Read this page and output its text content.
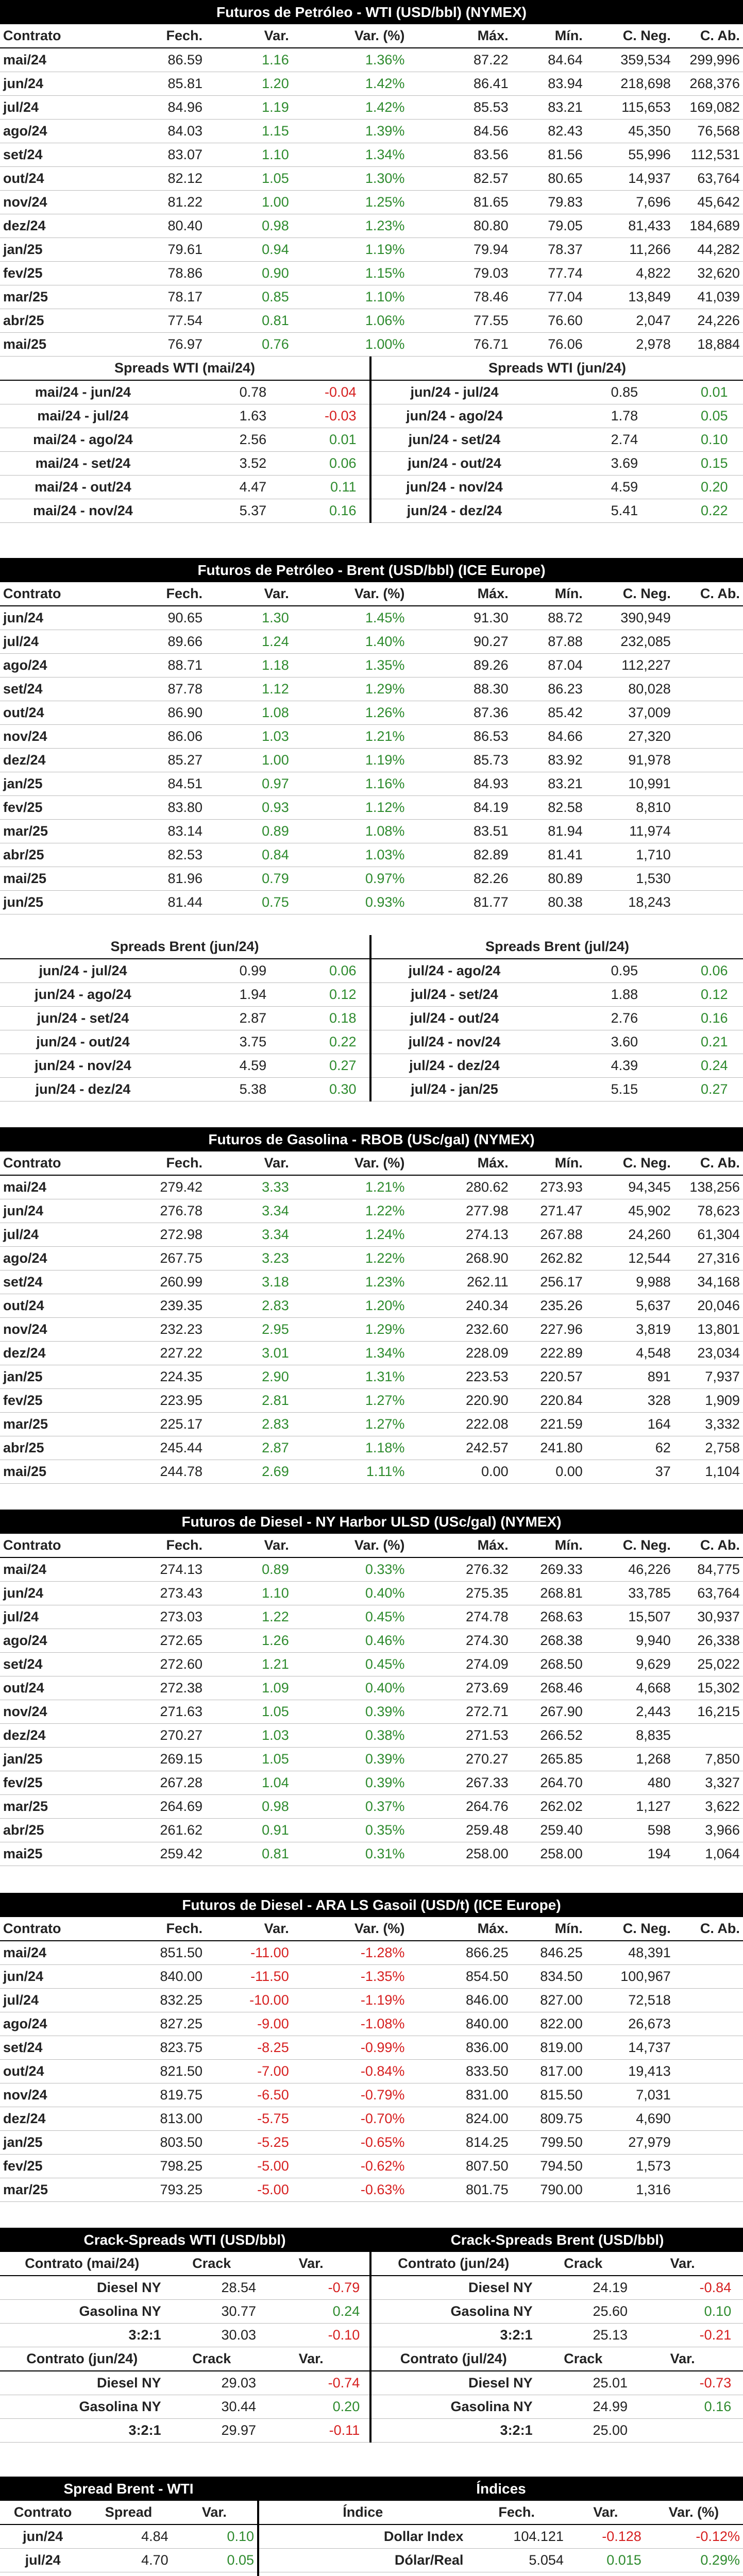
Futuros de Petróleo - WTI (USD/bbl) (NYMEX)
Contrato	Fech.	Var.	Var. (%)	Máx.	Mín.	C. Neg.	C. Ab.
mai/24	86.59	1.16	1.36%	87.22	84.64	359,534	299,996
jun/24	85.81	1.20	1.42%	86.41	83.94	218,698	268,376
jul/24	84.96	1.19	1.42%	85.53	83.21	115,653	169,082
ago/24	84.03	1.15	1.39%	84.56	82.43	45,350	76,568
set/24	83.07	1.10	1.34%	83.56	81.56	55,996	112,531
out/24	82.12	1.05	1.30%	82.57	80.65	14,937	63,764
nov/24	81.22	1.00	1.25%	81.65	79.83	7,696	45,642
dez/24	80.40	0.98	1.23%	80.80	79.05	81,433	184,689
jan/25	79.61	0.94	1.19%	79.94	78.37	11,266	44,282
fev/25	78.86	0.90	1.15%	79.03	77.74	4,822	32,620
mar/25	78.17	0.85	1.10%	78.46	77.04	13,849	41,039
abr/25	77.54	0.81	1.06%	77.55	76.60	2,047	24,226
mai/25	76.97	0.76	1.00%	76.71	76.06	2,978	18,884
Spreads WTI (mai/24)
mai/24 - jun/24	0.78	-0.04
mai/24 - jul/24	1.63	-0.03
mai/24 - ago/24	2.56	0.01
mai/24 - set/24	3.52	0.06
mai/24 - out/24	4.47	0.11
mai/24 - nov/24	5.37	0.16
Spreads WTI (jun/24)
jun/24 - jul/24	0.85	0.01
jun/24 - ago/24	1.78	0.05
jun/24 - set/24	2.74	0.10
jun/24 - out/24	3.69	0.15
jun/24 - nov/24	4.59	0.20
jun/24 - dez/24	5.41	0.22
Futuros de Petróleo - Brent (USD/bbl) (ICE Europe)
Contrato	Fech.	Var.	Var. (%)	Máx.	Mín.	C. Neg.	C. Ab.
jun/24	90.65	1.30	1.45%	91.30	88.72	390,949
jul/24	89.66	1.24	1.40%	90.27	87.88	232,085
ago/24	88.71	1.18	1.35%	89.26	87.04	112,227
set/24	87.78	1.12	1.29%	88.30	86.23	80,028
out/24	86.90	1.08	1.26%	87.36	85.42	37,009
nov/24	86.06	1.03	1.21%	86.53	84.66	27,320
dez/24	85.27	1.00	1.19%	85.73	83.92	91,978
jan/25	84.51	0.97	1.16%	84.93	83.21	10,991
fev/25	83.80	0.93	1.12%	84.19	82.58	8,810
mar/25	83.14	0.89	1.08%	83.51	81.94	11,974
abr/25	82.53	0.84	1.03%	82.89	81.41	1,710
mai/25	81.96	0.79	0.97%	82.26	80.89	1,530
jun/25	81.44	0.75	0.93%	81.77	80.38	18,243
Spreads Brent (jun/24)
jun/24 - jul/24	0.99	0.06
jun/24 - ago/24	1.94	0.12
jun/24 - set/24	2.87	0.18
jun/24 - out/24	3.75	0.22
jun/24 - nov/24	4.59	0.27
jun/24 - dez/24	5.38	0.30
Spreads Brent (jul/24)
jul/24 - ago/24	0.95	0.06
jul/24 - set/24	1.88	0.12
jul/24 - out/24	2.76	0.16
jul/24 - nov/24	3.60	0.21
jul/24 - dez/24	4.39	0.24
jul/24 - jan/25	5.15	0.27
Futuros de Gasolina - RBOB (USc/gal) (NYMEX)
Contrato	Fech.	Var.	Var. (%)	Máx.	Mín.	C. Neg.	C. Ab.
mai/24	279.42	3.33	1.21%	280.62	273.93	94,345	138,256
jun/24	276.78	3.34	1.22%	277.98	271.47	45,902	78,623
jul/24	272.98	3.34	1.24%	274.13	267.88	24,260	61,304
ago/24	267.75	3.23	1.22%	268.90	262.82	12,544	27,316
set/24	260.99	3.18	1.23%	262.11	256.17	9,988	34,168
out/24	239.35	2.83	1.20%	240.34	235.26	5,637	20,046
nov/24	232.23	2.95	1.29%	232.60	227.96	3,819	13,801
dez/24	227.22	3.01	1.34%	228.09	222.89	4,548	23,034
jan/25	224.35	2.90	1.31%	223.53	220.57	891	7,937
fev/25	223.95	2.81	1.27%	220.90	220.84	328	1,909
mar/25	225.17	2.83	1.27%	222.08	221.59	164	3,332
abr/25	245.44	2.87	1.18%	242.57	241.80	62	2,758
mai/25	244.78	2.69	1.11%	0.00	0.00	37	1,104
Futuros de Diesel - NY Harbor ULSD (USc/gal) (NYMEX)
Contrato	Fech.	Var.	Var. (%)	Máx.	Mín.	C. Neg.	C. Ab.
mai/24	274.13	0.89	0.33%	276.32	269.33	46,226	84,775
jun/24	273.43	1.10	0.40%	275.35	268.81	33,785	63,764
jul/24	273.03	1.22	0.45%	274.78	268.63	15,507	30,937
ago/24	272.65	1.26	0.46%	274.30	268.38	9,940	26,338
set/24	272.60	1.21	0.45%	274.09	268.50	9,629	25,022
out/24	272.38	1.09	0.40%	273.69	268.46	4,668	15,302
nov/24	271.63	1.05	0.39%	272.71	267.90	2,443	16,215
dez/24	270.27	1.03	0.38%	271.53	266.52	8,835
jan/25	269.15	1.05	0.39%	270.27	265.85	1,268	7,850
fev/25	267.28	1.04	0.39%	267.33	264.70	480	3,327
mar/25	264.69	0.98	0.37%	264.76	262.02	1,127	3,622
abr/25	261.62	0.91	0.35%	259.48	259.40	598	3,966
mai25	259.42	0.81	0.31%	258.00	258.00	194	1,064
Futuros de Diesel - ARA LS Gasoil (USD/t) (ICE Europe)
Contrato	Fech.	Var.	Var. (%)	Máx.	Mín.	C. Neg.	C. Ab.
mai/24	851.50	-11.00	-1.28%	866.25	846.25	48,391
jun/24	840.00	-11.50	-1.35%	854.50	834.50	100,967
jul/24	832.25	-10.00	-1.19%	846.00	827.00	72,518
ago/24	827.25	-9.00	-1.08%	840.00	822.00	26,673
set/24	823.75	-8.25	-0.99%	836.00	819.00	14,737
out/24	821.50	-7.00	-0.84%	833.50	817.00	19,413
nov/24	819.75	-6.50	-0.79%	831.00	815.50	7,031
dez/24	813.00	-5.75	-0.70%	824.00	809.75	4,690
jan/25	803.50	-5.25	-0.65%	814.25	799.50	27,979
fev/25	798.25	-5.00	-0.62%	807.50	794.50	1,573
mar/25	793.25	-5.00	-0.63%	801.75	790.00	1,316
Crack-Spreads WTI (USD/bbl)
Contrato (mai/24)	Crack	Var.
Diesel NY	28.54	-0.79
Gasolina NY	30.77	0.24
3:2:1	30.03	-0.10
Contrato (jun/24)	Crack	Var.
Diesel NY	29.03	-0.74
Gasolina NY	30.44	0.20
3:2:1	29.97	-0.11
Crack-Spreads Brent (USD/bbl)
Contrato (jun/24)	Crack	Var.
Diesel NY	24.19	-0.84
Gasolina NY	25.60	0.10
3:2:1	25.13	-0.21
Contrato (jul/24)	Crack	Var.
Diesel NY	25.01	-0.73
Gasolina NY	24.99	0.16
3:2:1	25.00
Spread Brent - WTI
Contrato	Spread	Var.
jun/24	4.84	0.10
jul/24	4.70	0.05
Índices
Índice	Fech.	Var.	Var. (%)
Dollar Index	104.121	-0.128	-0.12%
Dólar/Real	5.054	0.015	0.29%
